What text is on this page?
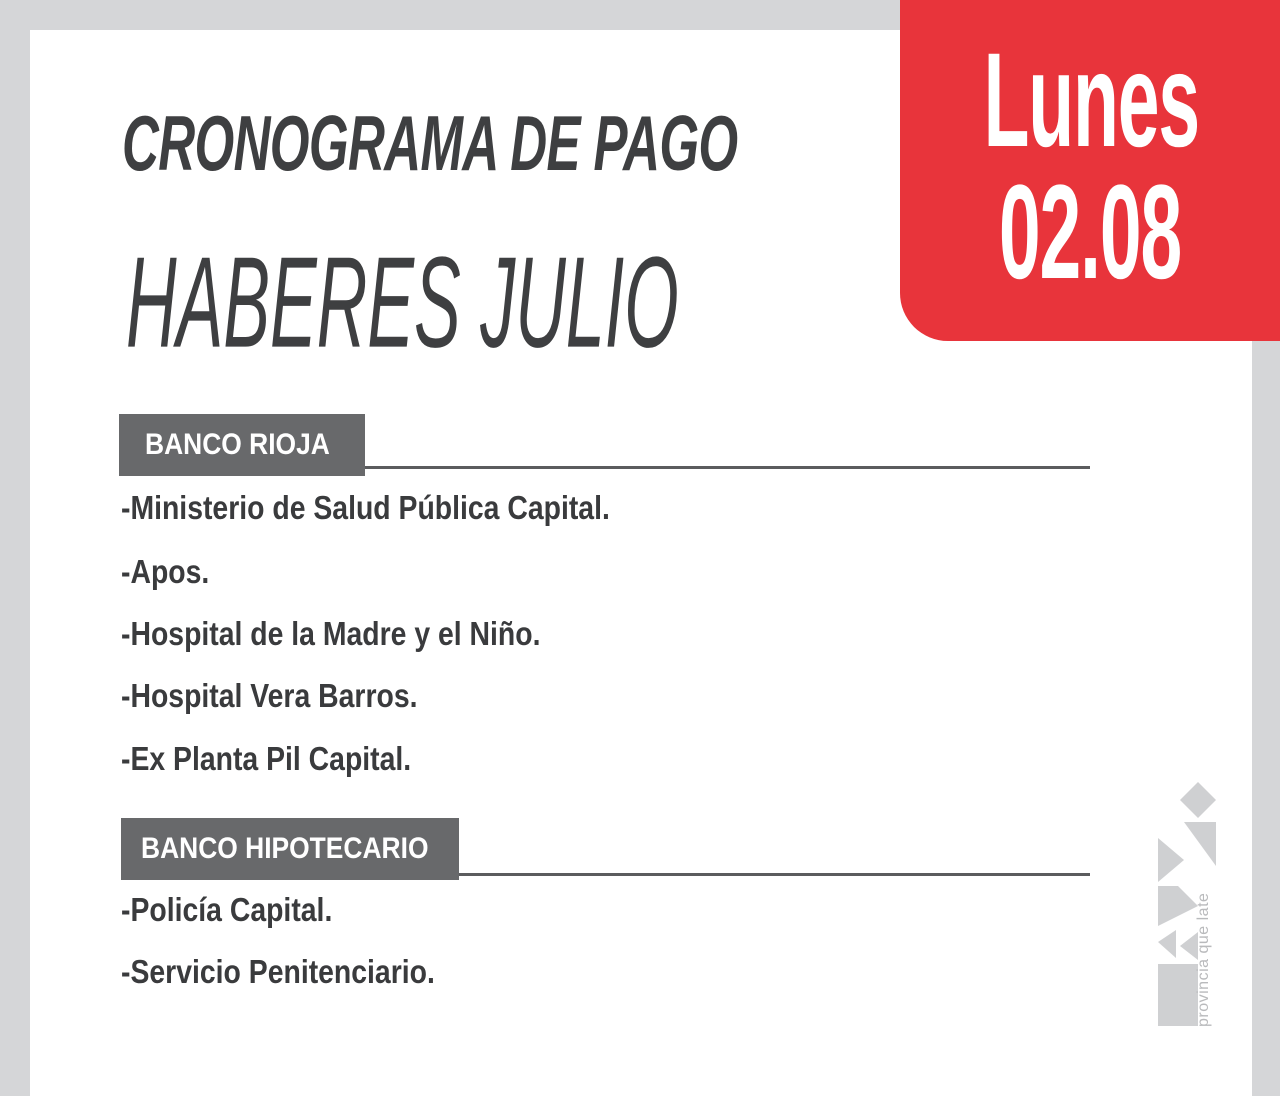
CRONOGRAMA DE PAGO
HABERES JULIO

Lunes

02.08

BANCO RIOJA

-Ministerio de Salud Pública Capital.

-Apos.

-Hospital de la Madre y el Niño.

-Hospital Vera Barros.

-Ex Planta Pil Capital.

BANCO HIPOTECARIO

-Policía Capital.

-Servicio Penitenciario.	provincia que late
